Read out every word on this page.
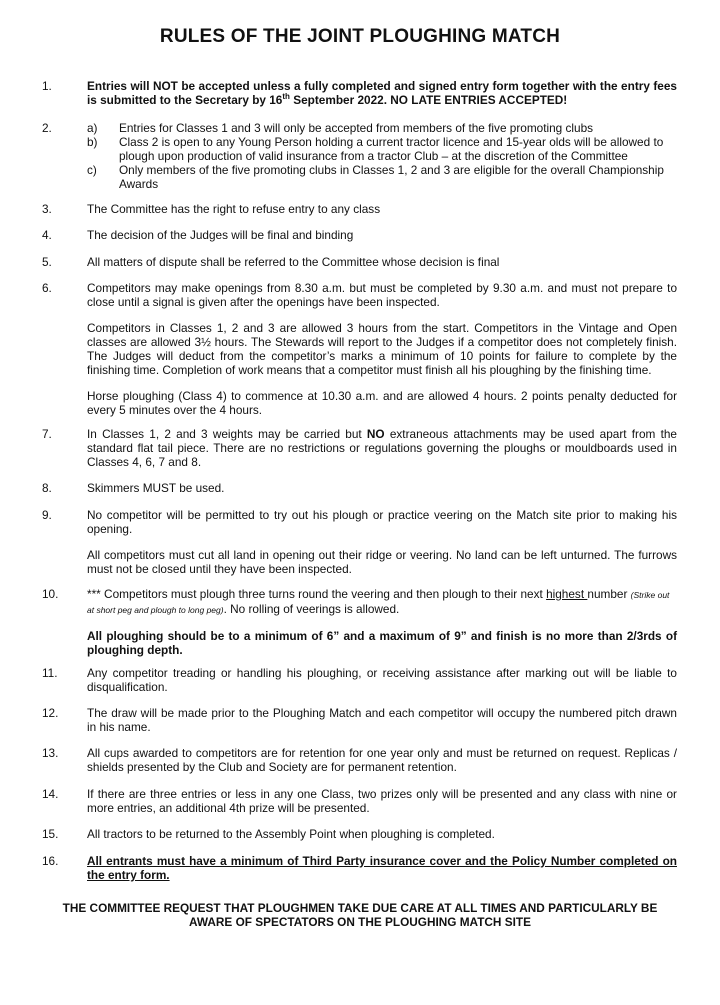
RULES OF THE JOINT PLOUGHING MATCH
1.	Entries will NOT be accepted unless a fully completed and signed entry form together with the entry fees is submitted to the Secretary by 16th September 2022. NO LATE ENTRIES ACCEPTED!
2.	a) Entries for Classes 1 and 3 will only be accepted from members of the five promoting clubs
b) Class 2 is open to any Young Person holding a current tractor licence and 15-year olds will be allowed to plough upon production of valid insurance from a tractor Club – at the discretion of the Committee
c) Only members of the five promoting clubs in Classes 1, 2 and 3 are eligible for the overall Championship Awards
3.	The Committee has the right to refuse entry to any class
4.	The decision of the Judges will be final and binding
5.	All matters of dispute shall be referred to the Committee whose decision is final
6.	Competitors may make openings from 8.30 a.m. but must be completed by 9.30 a.m. and must not prepare to close until a signal is given after the openings have been inspected.

Competitors in Classes 1, 2 and 3 are allowed 3 hours from the start. Competitors in the Vintage and Open classes are allowed 3½ hours. The Stewards will report to the Judges if a competitor does not completely finish. The Judges will deduct from the competitor’s marks a minimum of 10 points for failure to complete by the finishing time. Completion of work means that a competitor must finish all his ploughing by the finishing time.

Horse ploughing (Class 4) to commence at 10.30 a.m. and are allowed 4 hours. 2 points penalty deducted for every 5 minutes over the 4 hours.

7.	In Classes 1, 2 and 3 weights may be carried but NO extraneous attachments may be used apart from the standard flat tail piece. There are no restrictions or regulations governing the ploughs or mouldboards used in Classes 4, 6, 7 and 8.
8.	Skimmers MUST be used.
9.	No competitor will be permitted to try out his plough or practice veering on the Match site prior to making his opening.

All competitors must cut all land in opening out their ridge or veering. No land can be left unturned. The furrows must not be closed until they have been inspected.

10. *** Competitors must plough three turns round the veering and then plough to their next highest number (Strike out at short peg and plough to long peg). No rolling of veerings is allowed.

All ploughing should be to a minimum of 6” and a maximum of 9” and finish is no more than 2/3rds of ploughing depth.

11. Any competitor treading or handling his ploughing, or receiving assistance after marking out will be liable to disqualification.
12. The draw will be made prior to the Ploughing Match and each competitor will occupy the numbered pitch drawn in his name.
13. All cups awarded to competitors are for retention for one year only and must be returned on request. Replicas / shields presented by the Club and Society are for permanent retention.
14. If there are three entries or less in any one Class, two prizes only will be presented and any class with nine or more entries, an additional 4th prize will be presented.
15. All tractors to be returned to the Assembly Point when ploughing is completed.
16. All entrants must have a minimum of Third Party insurance cover and the Policy Number completed on the entry form.
THE COMMITTEE REQUEST THAT PLOUGHMEN TAKE DUE CARE AT ALL TIMES AND PARTICULARLY BE AWARE OF SPECTATORS ON THE PLOUGHING MATCH SITE
